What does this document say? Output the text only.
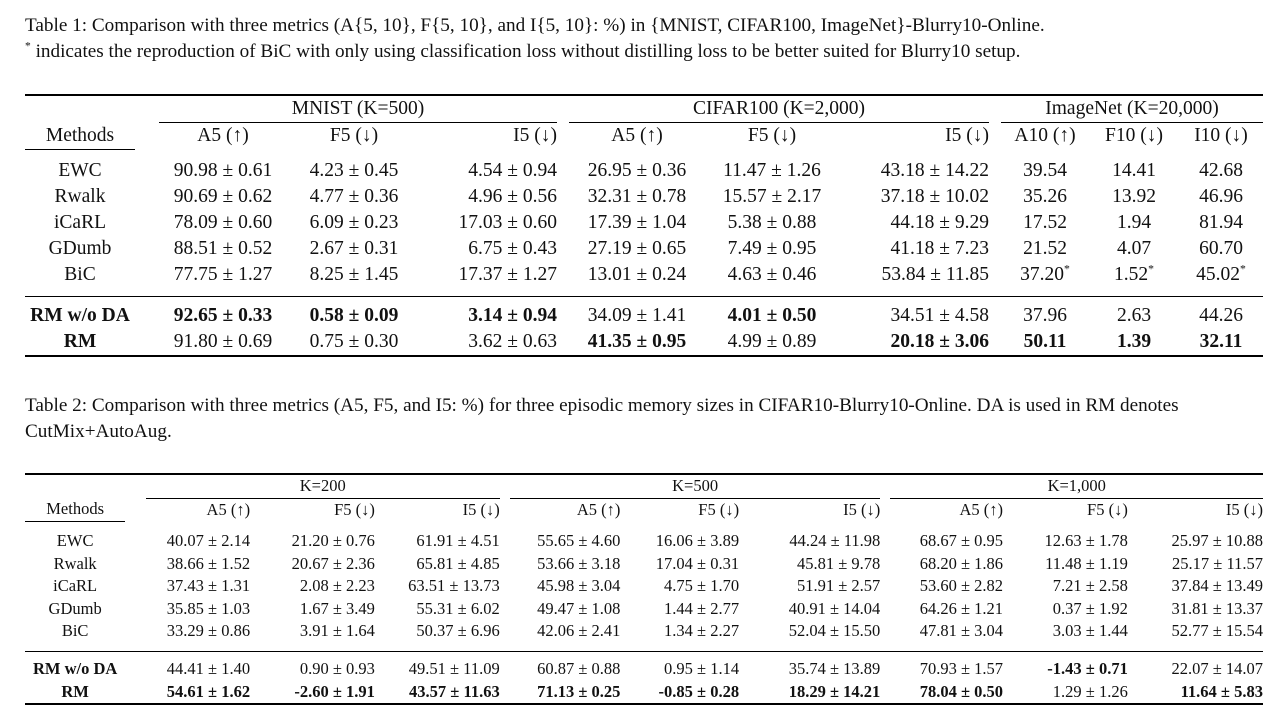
Table 1: Comparison with three metrics (A{5, 10}, F{5, 10}, and I{5, 10}: %) in {MNIST, CIFAR100, ImageNet}-Blurry10-Online.
* indicates the reproduction of BiC with only using classification loss without distilling loss to be better suited for Blurry10 setup.
		MNIST (K=500)				CIFAR100 (K=2,000)				ImageNet (K=20,000)		
Methods		A5 (↑)	F5 (↓)	I5 (↓)		A5 (↑)	F5 (↓)	I5 (↓)		A10 (↑)	F10 (↓)	I10 (↓)

EWC		90.98 ± 0.61	4.23 ± 0.45	4.54 ± 0.94		26.95 ± 0.36	11.47 ± 1.26	43.18 ± 14.22		39.54	14.41	42.68
Rwalk		90.69 ± 0.62	4.77 ± 0.36	4.96 ± 0.56		32.31 ± 0.78	15.57 ± 2.17	37.18 ± 10.02		35.26	13.92	46.96
iCaRL		78.09 ± 0.60	6.09 ± 0.23	17.03 ± 0.60		17.39 ± 1.04	5.38 ± 0.88	44.18 ± 9.29		17.52	1.94	81.94
GDumb		88.51 ± 0.52	2.67 ± 0.31	6.75 ± 0.43		27.19 ± 0.65	7.49 ± 0.95	41.18 ± 7.23		21.52	4.07	60.70
BiC		77.75 ± 1.27	8.25 ± 1.45	17.37 ± 1.27		13.01 ± 0.24	4.63 ± 0.46	53.84 ± 11.85		37.20*	1.52*	45.02*

RM w/o DA		92.65 ± 0.33	0.58 ± 0.09	3.14 ± 0.94		34.09 ± 1.41	4.01 ± 0.50	34.51 ± 4.58		37.96	2.63	44.26
RM		91.80 ± 0.69	0.75 ± 0.30	3.62 ± 0.63		41.35 ± 0.95	4.99 ± 0.89	20.18 ± 3.06		50.11	1.39	32.11
Table 2: Comparison with three metrics (A5, F5, and I5: %) for three episodic memory sizes in CIFAR10-Blurry10-Online. DA is used in RM denotes CutMix+AutoAug.
		K=200				K=500				K=1,000		
Methods		A5 (↑)	F5 (↓)	I5 (↓)		A5 (↑)	F5 (↓)	I5 (↓)		A5 (↑)	F5 (↓)	I5 (↓)

EWC		40.07 ± 2.14	21.20 ± 0.76	61.91 ± 4.51		55.65 ± 4.60	16.06 ± 3.89	44.24 ± 11.98		68.67 ± 0.95	12.63 ± 1.78	25.97 ± 10.88
Rwalk		38.66 ± 1.52	20.67 ± 2.36	65.81 ± 4.85		53.66 ± 3.18	17.04 ± 0.31	45.81 ± 9.78		68.20 ± 1.86	11.48 ± 1.19	25.17 ± 11.57
iCaRL		37.43 ± 1.31	2.08 ± 2.23	63.51 ± 13.73		45.98 ± 3.04	4.75 ± 1.70	51.91 ± 2.57		53.60 ± 2.82	7.21 ± 2.58	37.84 ± 13.49
GDumb		35.85 ± 1.03	1.67 ± 3.49	55.31 ± 6.02		49.47 ± 1.08	1.44 ± 2.77	40.91 ± 14.04		64.26 ± 1.21	0.37 ± 1.92	31.81 ± 13.37
BiC		33.29 ± 0.86	3.91 ± 1.64	50.37 ± 6.96		42.06 ± 2.41	1.34 ± 2.27	52.04 ± 15.50		47.81 ± 3.04	3.03 ± 1.44	52.77 ± 15.54

RM w/o DA		44.41 ± 1.40	0.90 ± 0.93	49.51 ± 11.09		60.87 ± 0.88	0.95 ± 1.14	35.74 ± 13.89		70.93 ± 1.57	-1.43 ± 0.71	22.07 ± 14.07
RM		54.61 ± 1.62	-2.60 ± 1.91	43.57 ± 11.63		71.13 ± 0.25	-0.85 ± 0.28	18.29 ± 14.21		78.04 ± 0.50	1.29 ± 1.26	11.64 ± 5.83
